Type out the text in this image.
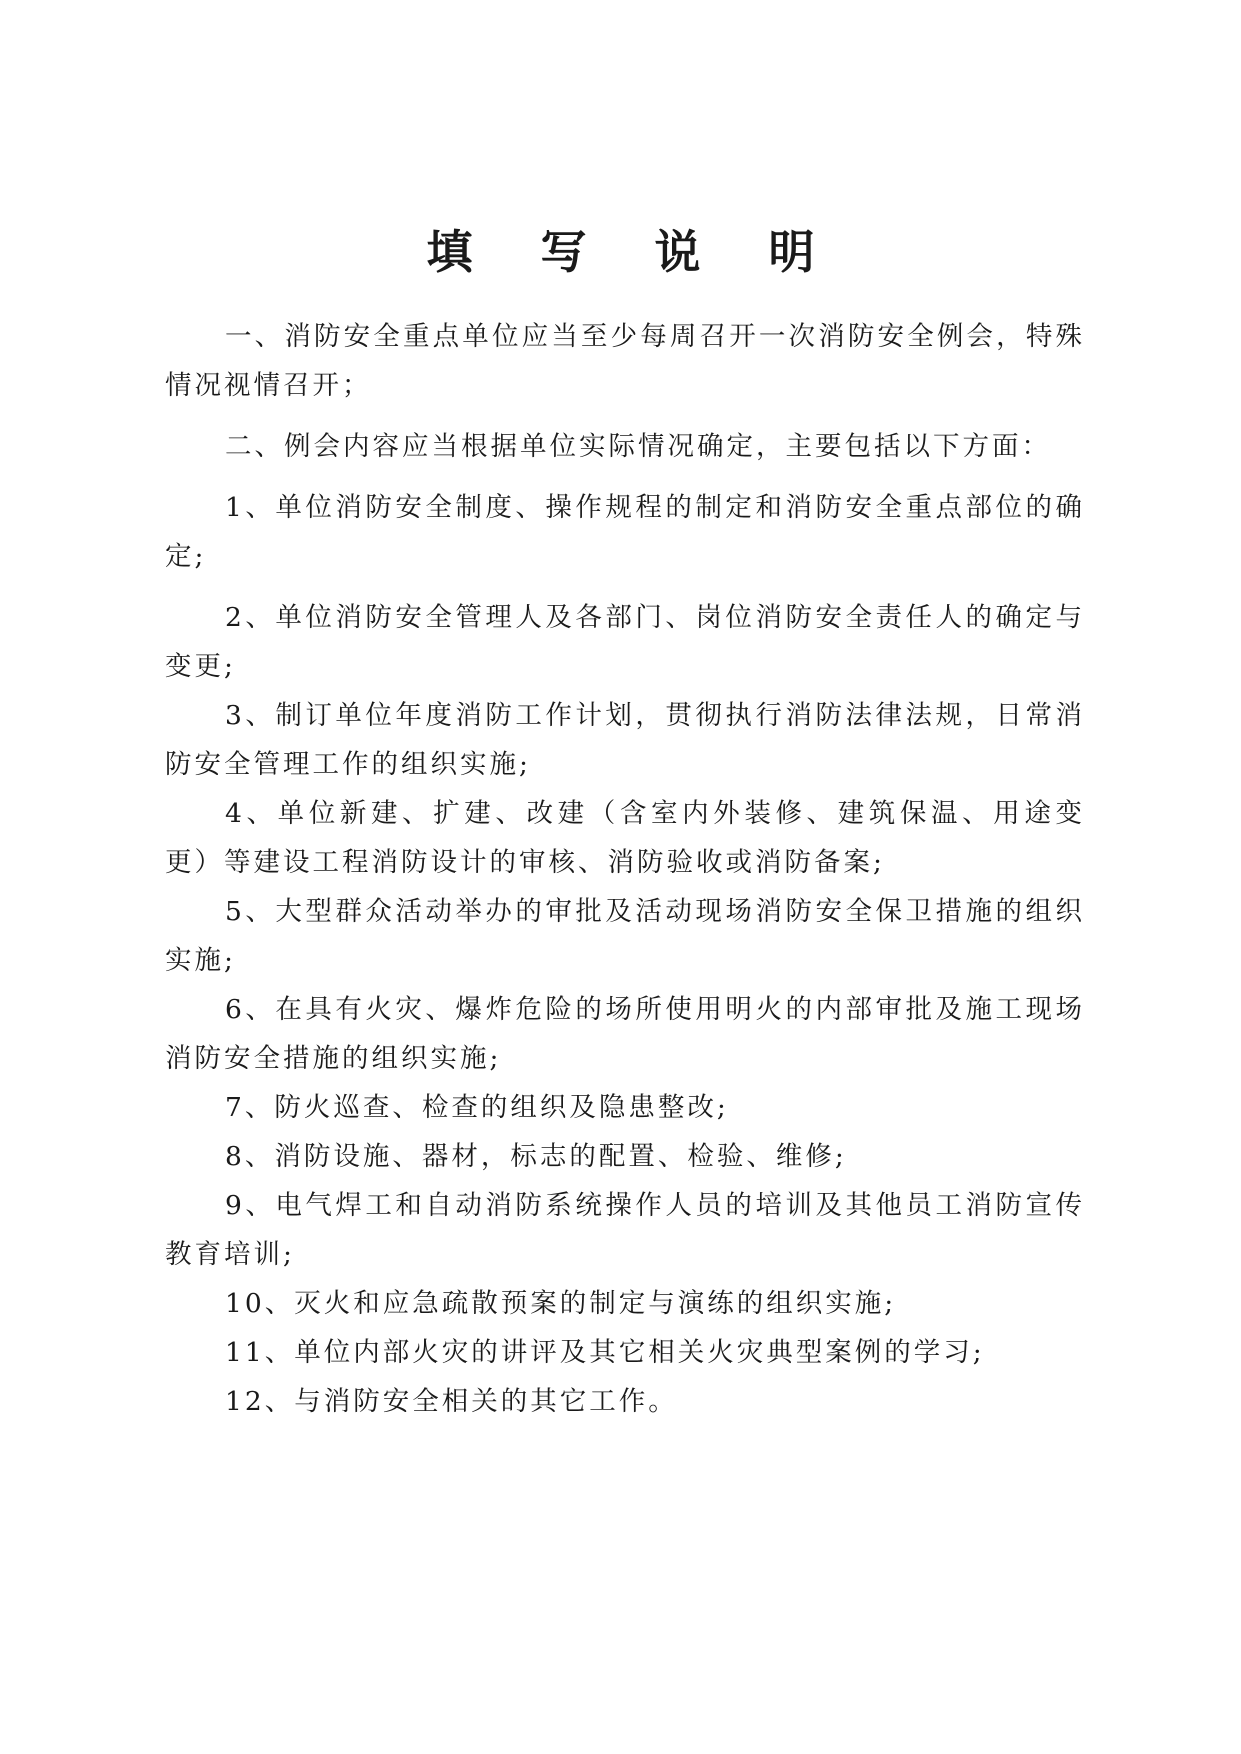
填 写 说 明

一、消防安全重点单位应当至少每周召开一次消防安全例会，特殊情况视情召开；

二、例会内容应当根据单位实际情况确定，主要包括以下方面：

1、单位消防安全制度、操作规程的制定和消防安全重点部位的确定;

2、单位消防安全管理人及各部门、岗位消防安全责任人的确定与变更;

3、制订单位年度消防工作计划，贯彻执行消防法律法规，日常消防安全管理工作的组织实施;

4、单位新建、扩建、改建（含室内外装修、建筑保温、用途变更）等建设工程消防设计的审核、消防验收或消防备案;

5、大型群众活动举办的审批及活动现场消防安全保卫措施的组织实施;

6、在具有火灾、爆炸危险的场所使用明火的内部审批及施工现场消防安全措施的组织实施;

7、防火巡查、检查的组织及隐患整改;

8、消防设施、器材，标志的配置、检验、维修;

9、电气焊工和自动消防系统操作人员的培训及其他员工消防宣传教育培训;

10、灭火和应急疏散预案的制定与演练的组织实施;

11、单位内部火灾的讲评及其它相关火灾典型案例的学习;

12、与消防安全相关的其它工作。
